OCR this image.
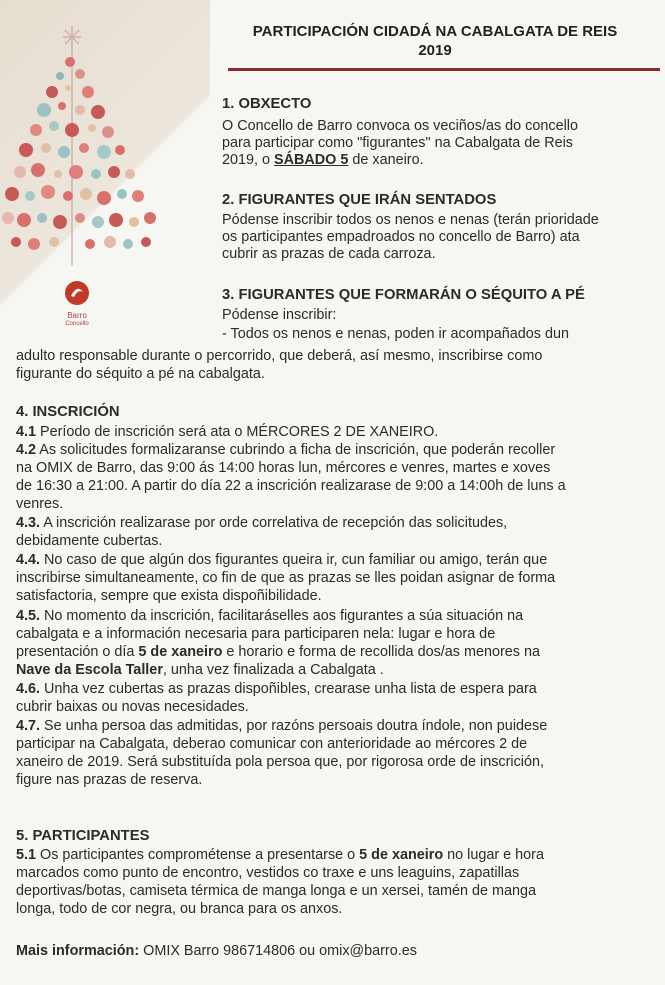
Barro
Concello
PARTICIPACIÓN CIDADÁ NA CABALGATA DE REIS
2019
1. OBXECTO
O Concello de Barro convoca os veciños/as do concello
para participar como "figurantes" na Cabalgata de Reis
2019, o SÁBADO 5 de xaneiro.
2. FIGURANTES QUE IRÁN SENTADOS
Pódense inscribir todos os nenos e nenas (terán prioridade
os participantes empadroados no concello de Barro) ata
cubrir as prazas de cada carroza.
3. FIGURANTES QUE FORMARÁN O SÉQUITO A PÉ
Pódense inscribir:
- Todos os nenos e nenas, poden ir acompañados dun
adulto responsable durante o percorrido, que deberá, así mesmo, inscribirse como
figurante do séquito a pé na cabalgata.
4. INSCRICIÓN
4.1 Período de inscrición será ata o MÉRCORES 2 DE XANEIRO.
4.2 As solicitudes formalizaranse cubrindo a ficha de inscrición, que poderán recoller
na OMIX de Barro, das 9:00 ás 14:00 horas lun, mércores e venres, martes e xoves
de 16:30 a 21:00. A partir do día 22 a inscrición realizarase de 9:00 a 14:00h de luns a
venres.
4.3. A inscrición realizarase por orde correlativa de recepción das solicitudes,
debidamente cubertas.
4.4. No caso de que algún dos figurantes queira ir, cun familiar ou amigo, terán que
inscribirse simultaneamente, co fin de que as prazas se lles poidan asignar de forma
satisfactoria, sempre que exista dispoñibilidade.
4.5. No momento da inscrición, facilitaráselles aos figurantes a súa situación na
cabalgata e a información necesaria para participaren nela: lugar e hora de
presentación o día 5 de xaneiro e horario e forma de recollida dos/as menores na
Nave da Escola Taller, unha vez finalizada a Cabalgata .
4.6. Unha vez cubertas as prazas dispoñibles, crearase unha lista de espera para
cubrir baixas ou novas necesidades.
4.7. Se unha persoa das admitidas, por razóns persoais doutra índole, non puidese
participar na Cabalgata, deberao comunicar con anterioridade ao mércores 2 de
xaneiro de 2019. Será substituída pola persoa que, por rigorosa orde de inscrición,
figure nas prazas de reserva.
5. PARTICIPANTES
5.1 Os participantes comprométense a presentarse o 5 de xaneiro no lugar e hora
marcados como punto de encontro, vestidos co traxe e uns leaguins, zapatillas
deportivas/botas, camiseta térmica de manga longa e un xersei, tamén de manga
longa, todo de cor negra, ou branca para os anxos.
Mais información: OMIX Barro 986714806 ou omix@barro.es
